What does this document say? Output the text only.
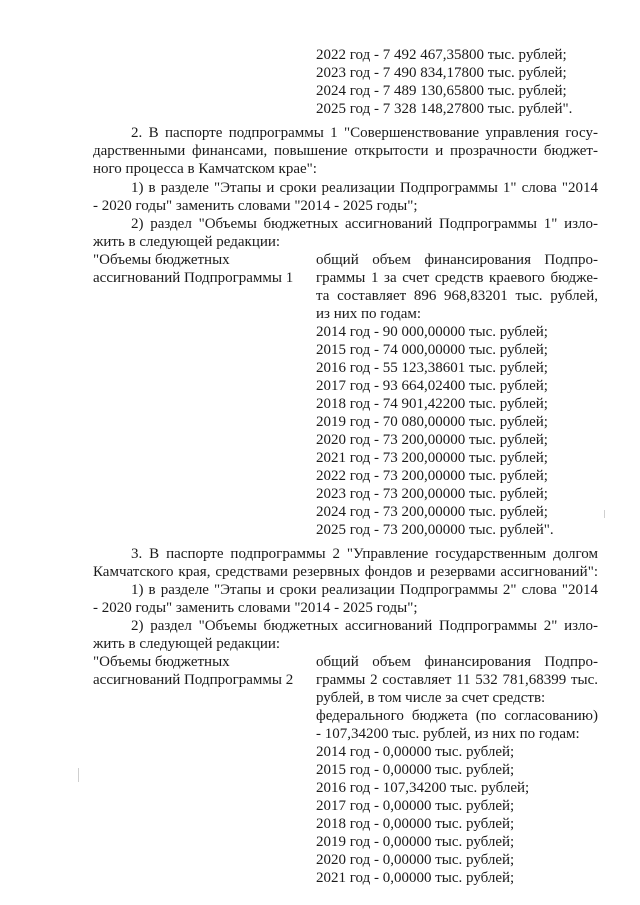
2022 год - 7 492 467,35800 тыс. рублей;

2023 год - 7 490 834,17800 тыс. рублей;

2024 год - 7 489 130,65800 тыс. рублей;

2025 год - 7 328 148,27800 тыс. рублей".

2. В паспорте подпрограммы 1 "Совершенствование управления госу-

дарственными финансами, повышение открытости и прозрачности бюджет-

ного процесса в Камчатском крае":

1) в разделе "Этапы и сроки реализации Подпрограммы 1" слова "2014

- 2020 годы" заменить словами "2014 - 2025 годы";

2) раздел "Объемы бюджетных ассигнований Подпрограммы 1" изло-

жить в следующей редакции:

"Объемы бюджетных

ассигнований Подпрограммы 1

общий объем финансирования Подпро-

граммы 1 за счет средств краевого бюдже-

та составляет 896 968,83201 тыс. рублей,

из них по годам:

2014 год - 90 000,00000 тыс. рублей;

2015 год - 74 000,00000 тыс. рублей;

2016 год - 55 123,38601 тыс. рублей;

2017 год - 93 664,02400 тыс. рублей;

2018 год - 74 901,42200 тыс. рублей;

2019 год - 70 080,00000 тыс. рублей;

2020 год - 73 200,00000 тыс. рублей;

2021 год - 73 200,00000 тыс. рублей;

2022 год - 73 200,00000 тыс. рублей;

2023 год - 73 200,00000 тыс. рублей;

2024 год - 73 200,00000 тыс. рублей;

2025 год - 73 200,00000 тыс. рублей".

3. В паспорте подпрограммы 2 "Управление государственным долгом

Камчатского края, средствами резервных фондов и резервами ассигнований":

1) в разделе "Этапы и сроки реализации Подпрограммы 2" слова "2014

- 2020 годы" заменить словами "2014 - 2025 годы";

2) раздел "Объемы бюджетных ассигнований Подпрограммы 2" изло-

жить в следующей редакции:

"Объемы бюджетных

ассигнований Подпрограммы 2

общий объем финансирования Подпро-

граммы 2 составляет 11 532 781,68399 тыс.

рублей, в том числе за счет средств:

федерального бюджета (по согласованию)

- 107,34200 тыс. рублей, из них по годам:

2014 год - 0,00000 тыс. рублей;

2015 год - 0,00000 тыс. рублей;

2016 год - 107,34200 тыс. рублей;

2017 год - 0,00000 тыс. рублей;

2018 год - 0,00000 тыс. рублей;

2019 год - 0,00000 тыс. рублей;

2020 год - 0,00000 тыс. рублей;

2021 год - 0,00000 тыс. рублей;
